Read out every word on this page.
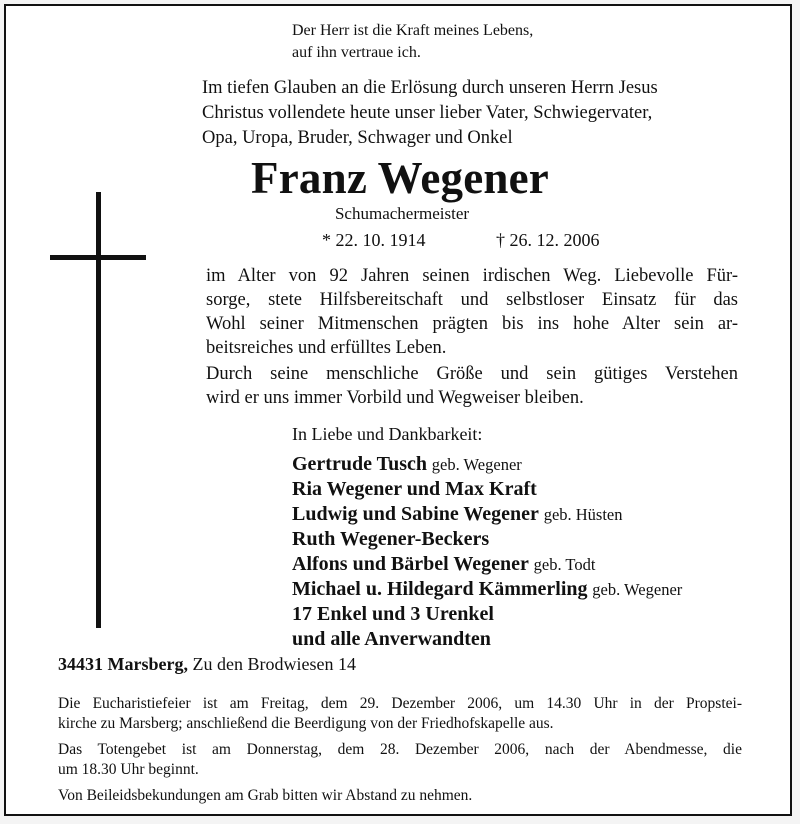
Der Herr ist die Kraft meines Lebens,
auf ihn vertraue ich.
Im tiefen Glauben an die Erlösung durch unseren Herrn Jesus
Christus vollendete heute unser lieber Vater, Schwiegervater,
Opa, Uropa, Bruder, Schwager und Onkel
Franz Wegener
Schumachermeister
* 22. 10. 1914	† 26. 12. 2006
im Alter von 92 Jahren seinen irdischen Weg. Liebevolle Für-
sorge, stete Hilfsbereitschaft und selbstloser Einsatz für das
Wohl seiner Mitmenschen prägten bis ins hohe Alter sein ar-
beitsreiches und erfülltes Leben.
Durch seine menschliche Größe und sein gütiges Verstehen
wird er uns immer Vorbild und Wegweiser bleiben.
In Liebe und Dankbarkeit:
Gertrude Tusch geb. Wegener
Ria Wegener und Max Kraft
Ludwig und Sabine Wegener geb. Hüsten
Ruth Wegener-Beckers
Alfons und Bärbel Wegener geb. Todt
Michael u. Hildegard Kämmerling geb. Wegener
17 Enkel und 3 Urenkel
und alle Anverwandten
34431 Marsberg, Zu den Brodwiesen 14
Die Eucharistiefeier ist am Freitag, dem 29. Dezember 2006, um 14.30 Uhr in der Propstei-
kirche zu Marsberg; anschließend die Beerdigung von der Friedhofskapelle aus.
Das Totengebet ist am Donnerstag, dem 28. Dezember 2006, nach der Abendmesse, die
um 18.30 Uhr beginnt.
Von Beileidsbekundungen am Grab bitten wir Abstand zu nehmen.
